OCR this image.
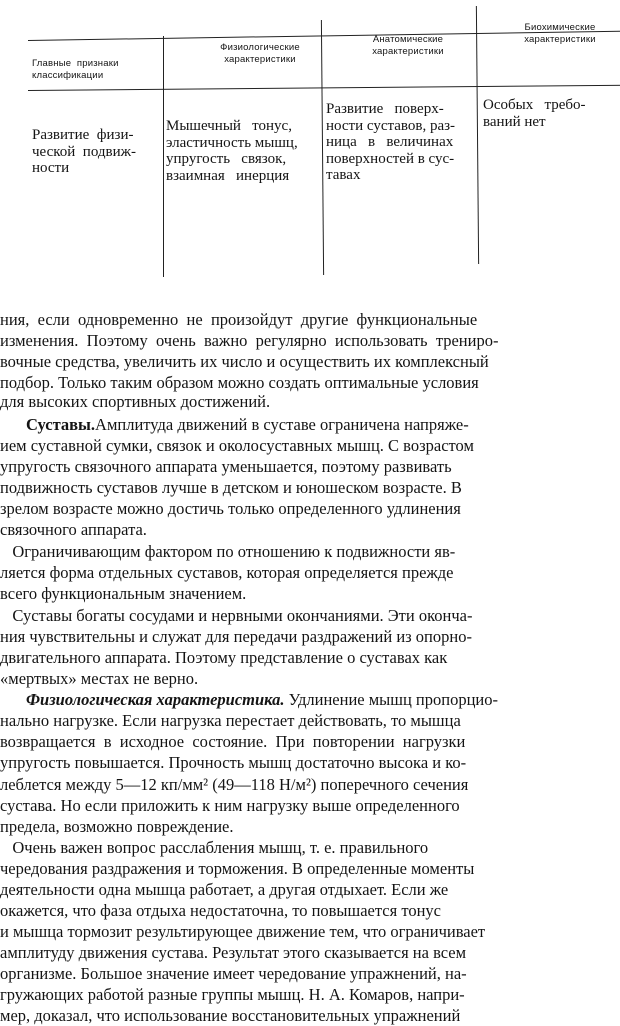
Главные  признаки
классификации
Физиологические
характеристики
Анатомические
характеристики
Биохимические
характеристики
Развитие  физи-
ческой  подвиж-
ности
Мышечный   тонус,
эластичность мышц,
упругость   связок,
взаимная   инерция
Развитие   поверх-
ности суставов, раз-
ница   в   величинах
поверхностей в сус-
тавах
Особых   требо-
ваний нет
ния,  если  одновременно  не  произойдут  другие  функциональные
изменения.  Поэтому  очень  важно  регулярно  использовать  трениро-
вочные средства, увеличить их число и осуществить их комплексный
подбор. Только таким образом можно создать оптимальные условия
для высоких спортивных достижений.
Суставы.Амплитуда движений в суставе ограничена напряже-
ием суставной сумки, связок и околосуставных мышц. С возрастом
упругость связочного аппарата уменьшается, поэтому развивать
подвижность суставов лучше в детском и юношеском возрасте. В
зрелом возрасте можно достичь только определенного удлинения
связочного аппарата.
Ограничивающим фактором по отношению к подвижности яв-
ляется форма отдельных суставов, которая определяется прежде
всего функциональным значением.
Суставы богаты сосудами и нервными окончаниями. Эти оконча-
ния чувствительны и служат для передачи раздражений из опорно-
двигательного аппарата. Поэтому представление о суставах как
«мертвых» местах не верно.
Физиологическая характеристика. Удлинение мышц пропорцио-
нально нагрузке. Если нагрузка перестает действовать, то мышца
возвращается  в  исходное  состояние.  При  повторении  нагрузки
упругость повышается. Прочность мышц достаточно высока и ко-
леблется между 5—12 кп/мм² (49—118 Н/м²) поперечного сечения
сустава. Но если приложить к ним нагрузку выше определенного
предела, возможно повреждение.
Очень важен вопрос расслабления мышц, т. е. правильного
чередования раздражения и торможения. В определенные моменты
деятельности одна мышца работает, а другая отдыхает. Если же
окажется, что фаза отдыха недостаточна, то повышается тонус
и мышца тормозит результирующее движение тем, что ограничивает
амплитуду движения сустава. Результат этого сказывается на всем
организме. Большое значение имеет чередование упражнений, на-
гружающих работой разные группы мышц. Н. А. Комаров, напри-
мер, доказал, что использование восстановительных упражнений
